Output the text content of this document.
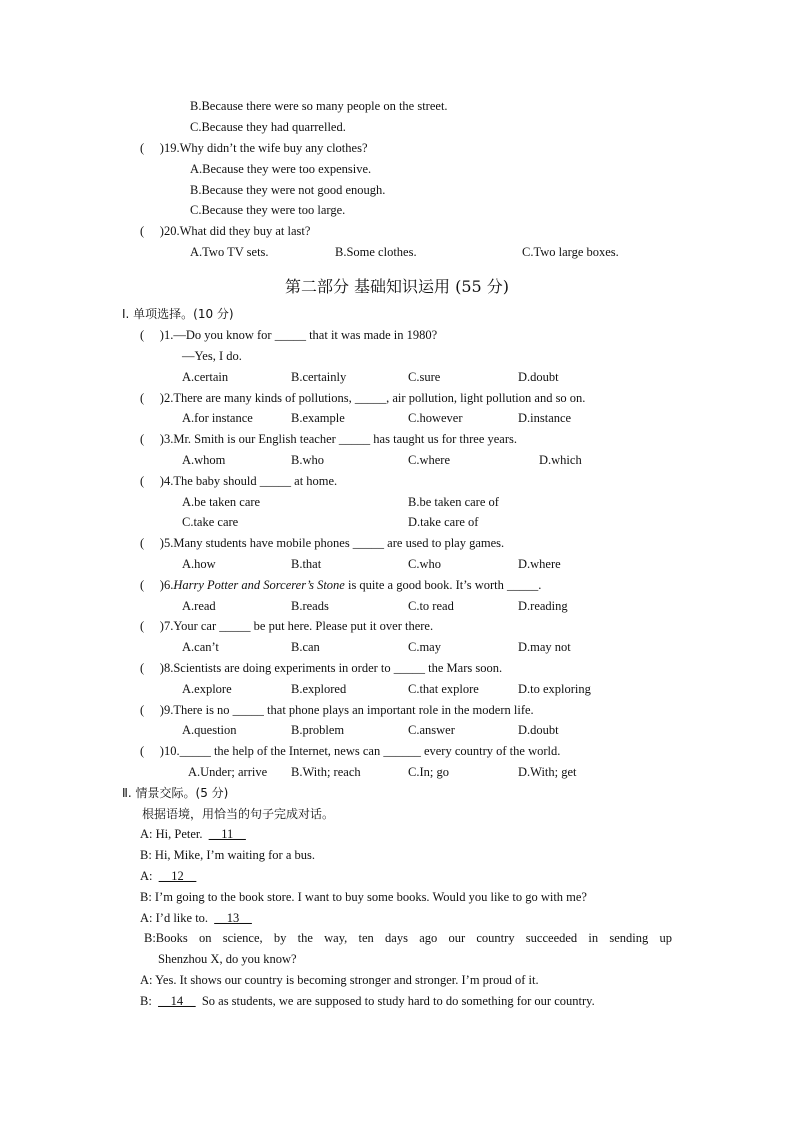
B.Because there were so many people on the street.
C.Because they had quarrelled.
(     )19.Why didn’t the wife buy any clothes?
A.Because they were too expensive.
B.Because they were not good enough.
C.Because they were too large.
(     )20.What did they buy at last?
A.Two TV sets.	B.Some clothes.	C.Two large boxes.
第二部分 基础知识运用 (55 分)
Ⅰ. 单项选择。(10 分)
(     )1.—Do you know for _____ that it was made in 1980?
—Yes, I do.
A.certain	B.certainly	C.sure	D.doubt
(     )2.There are many kinds of pollutions, _____, air pollution, light pollution and so on.
A.for instance	B.example	C.however	D.instance
(     )3.Mr. Smith is our English teacher _____ has taught us for three years.
A.whom	B.who	C.where	D.which
(     )4.The baby should _____ at home.
A.be taken care	B.be taken care of
C.take care	D.take care of
(     )5.Many students have mobile phones _____ are used to play games.
A.how	B.that	C.who	D.where
(     )6.Harry Potter and Sorcerer’s Stone is quite a good book. It’s worth _____.
A.read	B.reads	C.to read	D.reading
(     )7.Your car _____ be put here. Please put it over there.
A.can’t	B.can	C.may	D.may not
(     )8.Scientists are doing experiments in order to _____ the Mars soon.
A.explore	B.explored	C.that explore	D.to exploring
(     )9.There is no _____ that phone plays an important role in the modern life.
A.question	B.problem	C.answer	D.doubt
(     )10._____ the help of the Internet, news can ______ every country of the world.
A.Under; arrive B.With; reach	C.In; go	D.With; get
Ⅱ. 情景交际。(5 分)
根据语境，用恰当的句子完成对话。
A: Hi, Peter.  __11__
B: Hi, Mike, I’m waiting for a bus.
A:  __12__
B: I’m going to the book store. I want to buy some books. Would you like to go with me?
A: I’d like to.  __13__
B:Books on science, by the way, ten days ago our country succeeded in sending up
Shenzhou X, do you know?
A: Yes. It shows our country is becoming stronger and stronger. I’m proud of it.
B:  __14__  So as students, we are supposed to study hard to do something for our country.
